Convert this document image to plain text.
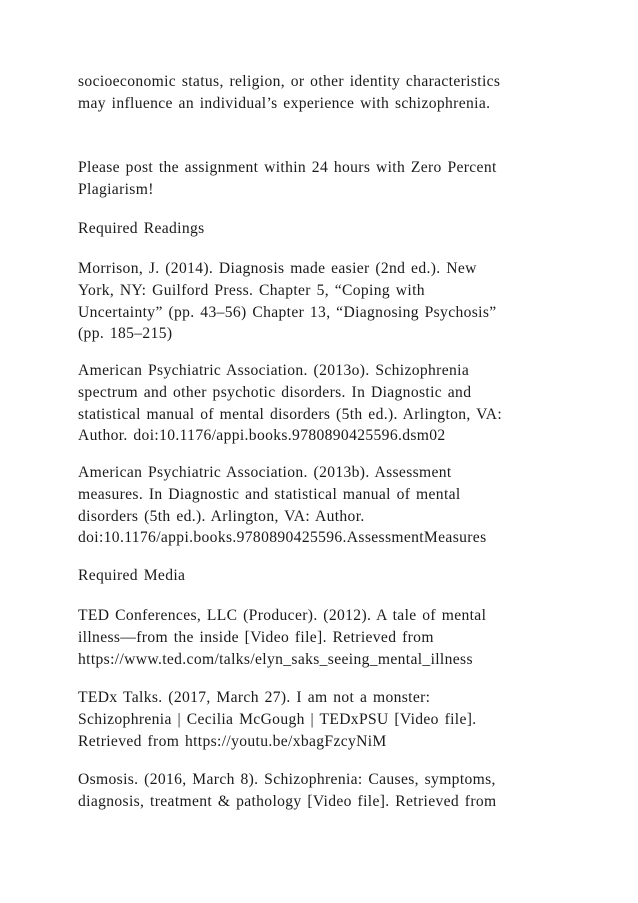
socioeconomic status, religion, or other identity characteristics
may influence an individual’s experience with schizophrenia.
Please post the assignment within 24 hours with Zero Percent
Plagiarism!
Required Readings
Morrison, J. (2014). Diagnosis made easier (2nd ed.). New
York, NY: Guilford Press. Chapter 5, “Coping with
Uncertainty” (pp. 43–56) Chapter 13, “Diagnosing Psychosis”
(pp. 185–215)
American Psychiatric Association. (2013o). Schizophrenia
spectrum and other psychotic disorders. In Diagnostic and
statistical manual of mental disorders (5th ed.). Arlington, VA:
Author. doi:10.1176/appi.books.9780890425596.dsm02
American Psychiatric Association. (2013b). Assessment
measures. In Diagnostic and statistical manual of mental
disorders (5th ed.). Arlington, VA: Author.
doi:10.1176/appi.books.9780890425596.AssessmentMeasures
Required Media
TED Conferences, LLC (Producer). (2012). A tale of mental
illness—from the inside [Video file]. Retrieved from
https://www.ted.com/talks/elyn_saks_seeing_mental_illness
TEDx Talks. (2017, March 27). I am not a monster:
Schizophrenia | Cecilia McGough | TEDxPSU [Video file].
Retrieved from https://youtu.be/xbagFzcyNiM
Osmosis. (2016, March 8). Schizophrenia: Causes, symptoms,
diagnosis, treatment & pathology [Video file]. Retrieved from
